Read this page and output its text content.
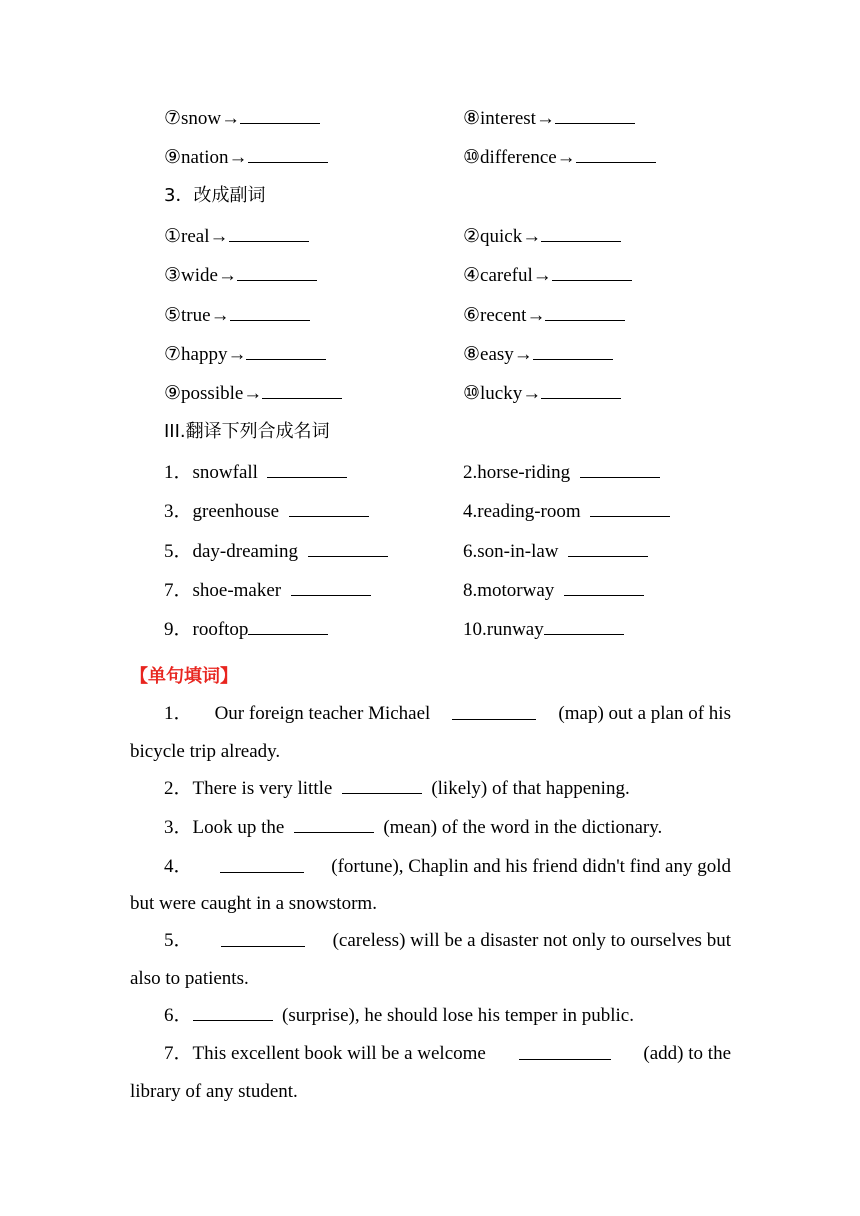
⑦snow→	⑧interest→
⑨nation→	⑩difference→
3．改成副词
①real→	②quick→
③wide→	④careful→
⑤true→	⑥recent→
⑦happy→	⑧easy→
⑨possible→	⑩lucky→
III.翻译下列合成名词
1．snowfall	2.horse-riding
3．greenhouse	4.reading-room
5．day-dreaming	6.son-in-law
7．shoe-maker	8.motorway
9．rooftop	10.runway
【单句填词】
1． Our foreign teacher Michael	(map) out a plan of his
bicycle trip already.
2．There is very little	(likely) of that happening.
3．Look up the	(mean) of the word in the dictionary.
4．	(fortune), Chaplin and his friend didn't find any gold
but were caught in a snowstorm.
5．	(careless) will be a disaster not only to ourselves but
also to patients.
6．	(surprise), he should lose his temper in public.
7．This excellent book will be a welcome	(add) to the
library of any student.
